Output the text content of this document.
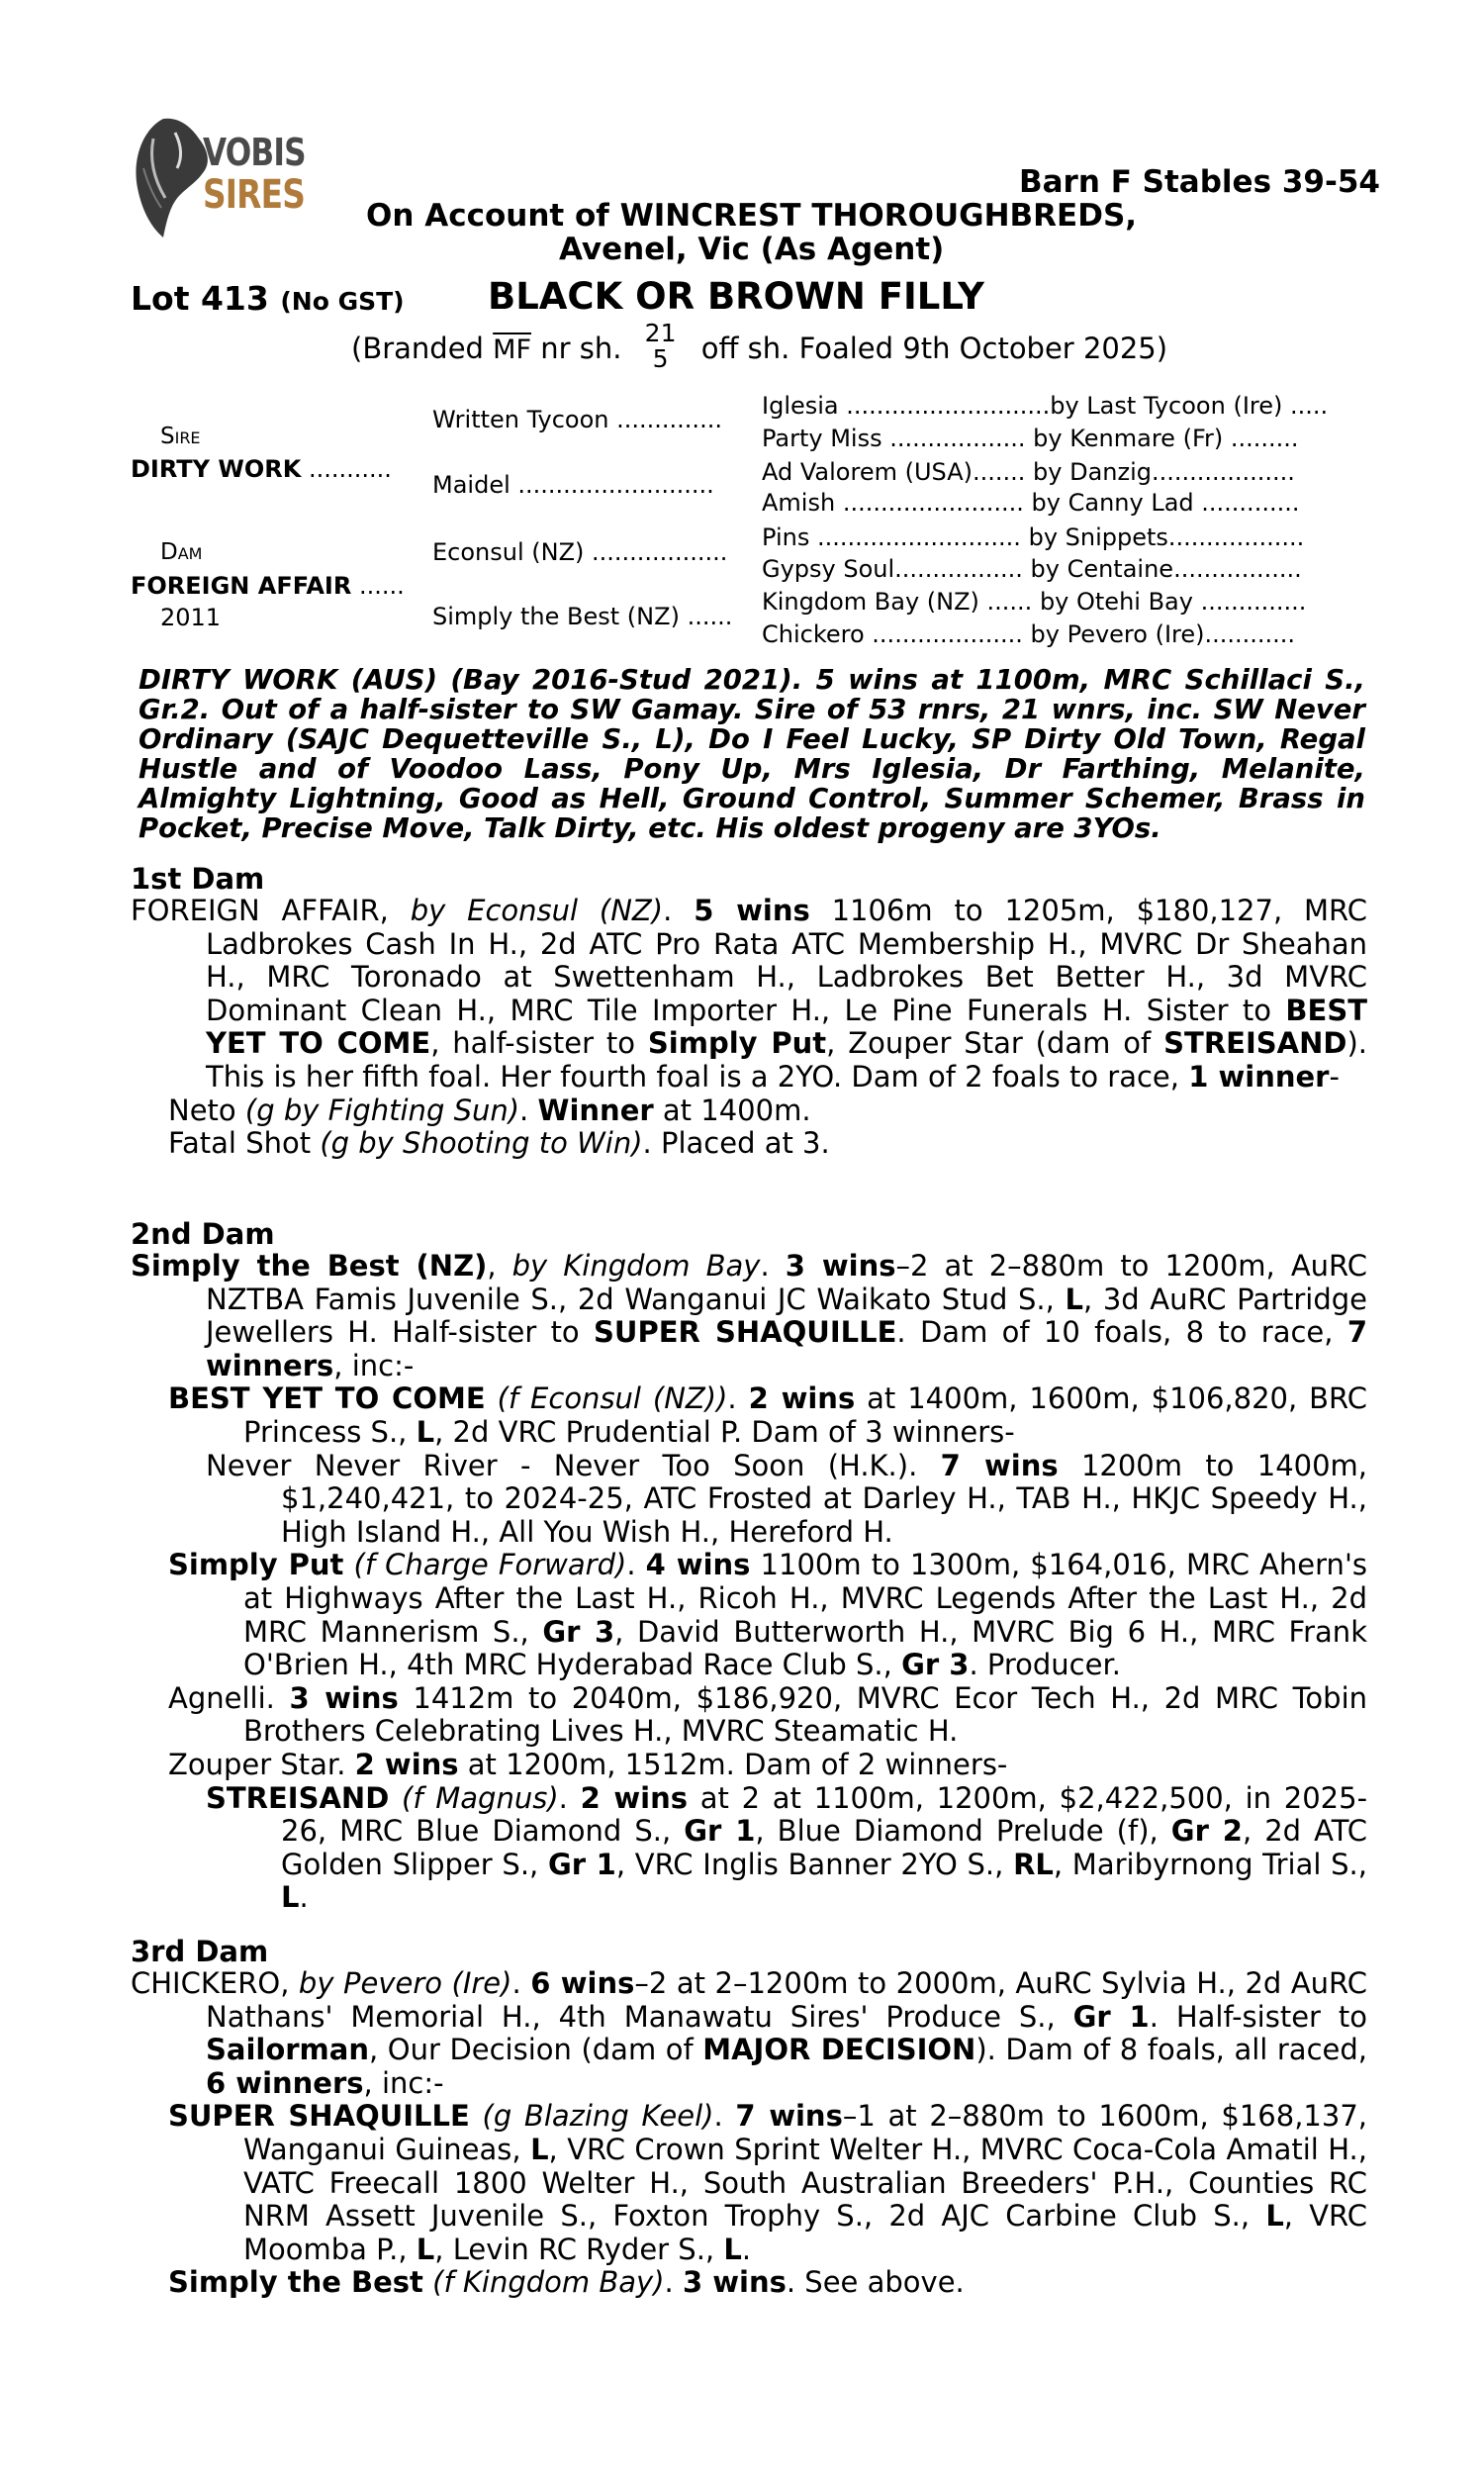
VOBIS
SIRES	Barn F Stables 39-54
On Account of WINCREST THOROUGHBREDS,
Avenel, Vic (As Agent)
Lot 413 (No GST) BLACK OR BROWN FILLY
(Branded $\overline{MF}$ nr sh. 21
5 off sh. Foaled 9th October 2025)
Sire
DIRTY WORK ...........
Dam
FOREIGN AFFAIR ......
2011
Written Tycoon ..............
Maidel ..........................
Econsul (NZ) ..................
Simply the Best (NZ) ......
Iglesia ...........................by Last Tycoon (Ire) .....
Party Miss .................. by Kenmare (Fr) .........
Ad Valorem (USA)....... by Danzig...................
Amish ........................ by Canny Lad .............
Pins ........................... by Snippets..................
Gypsy Soul................. by Centaine.................
Kingdom Bay (NZ) ...... by Otehi Bay ..............
Chickero .................... by Pevero (Ire)............
DIRTY WORK (AUS) (Bay 2016-Stud 2021). 5 wins at 1100m, MRC Schillaci S., Gr.2. Out of a half-sister to SW Gamay. Sire of 53 rnrs, 21 wnrs, inc. SW Never Ordinary (SAJC Dequetteville S., L), Do I Feel Lucky, SP Dirty Old Town, Regal Hustle and of Voodoo Lass, Pony Up, Mrs Iglesia, Dr Farthing, Melanite, Almighty Lightning, Good as Hell, Ground Control, Summer Schemer, Brass in Pocket, Precise Move, Talk Dirty, etc. His oldest progeny are 3YOs.
1st Dam
FOREIGN AFFAIR, by Econsul (NZ). 5 wins 1106m to 1205m, $180,127, MRC Ladbrokes Cash In H., 2d ATC Pro Rata ATC Membership H., MVRC Dr Sheahan H., MRC Toronado at Swettenham H., Ladbrokes Bet Better H., 3d MVRC Dominant Clean H., MRC Tile Importer H., Le Pine Funerals H. Sister to BEST YET TO COME, half-sister to Simply Put, Zouper Star (dam of STREISAND). This is her fifth foal. Her fourth foal is a 2YO. Dam of 2 foals to race, 1 winner-
Neto (g by Fighting Sun). Winner at 1400m.
Fatal Shot (g by Shooting to Win). Placed at 3.
2nd Dam
Simply the Best (NZ), by Kingdom Bay. 3 wins–2 at 2–880m to 1200m, AuRC NZTBA Famis Juvenile S., 2d Wanganui JC Waikato Stud S., L, 3d AuRC Partridge Jewellers H. Half-sister to SUPER SHAQUILLE. Dam of 10 foals, 8 to race, 7 winners, inc:-
BEST YET TO COME (f Econsul (NZ)). 2 wins at 1400m, 1600m, $106,820, BRC Princess S., L, 2d VRC Prudential P. Dam of 3 winners-
Never Never River - Never Too Soon (H.K.). 7 wins 1200m to 1400m, $1,240,421, to 2024-25, ATC Frosted at Darley H., TAB H., HKJC Speedy H., High Island H., All You Wish H., Hereford H.
Simply Put (f Charge Forward). 4 wins 1100m to 1300m, $164,016, MRC Ahern's at Highways After the Last H., Ricoh H., MVRC Legends After the Last H., 2d MRC Mannerism S., Gr 3, David Butterworth H., MVRC Big 6 H., MRC Frank O'Brien H., 4th MRC Hyderabad Race Club S., Gr 3. Producer.
Agnelli. 3 wins 1412m to 2040m, $186,920, MVRC Ecor Tech H., 2d MRC Tobin Brothers Celebrating Lives H., MVRC Steamatic H.
Zouper Star. 2 wins at 1200m, 1512m. Dam of 2 winners-
STREISAND (f Magnus). 2 wins at 2 at 1100m, 1200m, $2,422,500, in 2025-26, MRC Blue Diamond S., Gr 1, Blue Diamond Prelude (f), Gr 2, 2d ATC Golden Slipper S., Gr 1, VRC Inglis Banner 2YO S., RL, Maribyrnong Trial S., L.
3rd Dam
CHICKERO, by Pevero (Ire). 6 wins–2 at 2–1200m to 2000m, AuRC Sylvia H., 2d AuRC Nathans' Memorial H., 4th Manawatu Sires' Produce S., Gr 1. Half-sister to Sailorman, Our Decision (dam of MAJOR DECISION). Dam of 8 foals, all raced, 6 winners, inc:-
SUPER SHAQUILLE (g Blazing Keel). 7 wins–1 at 2–880m to 1600m, $168,137, Wanganui Guineas, L, VRC Crown Sprint Welter H., MVRC Coca-Cola Amatil H., VATC Freecall 1800 Welter H., South Australian Breeders' P.H., Counties RC NRM Assett Juvenile S., Foxton Trophy S., 2d AJC Carbine Club S., L, VRC Moomba P., L, Levin RC Ryder S., L.
Simply the Best (f Kingdom Bay). 3 wins. See above.
